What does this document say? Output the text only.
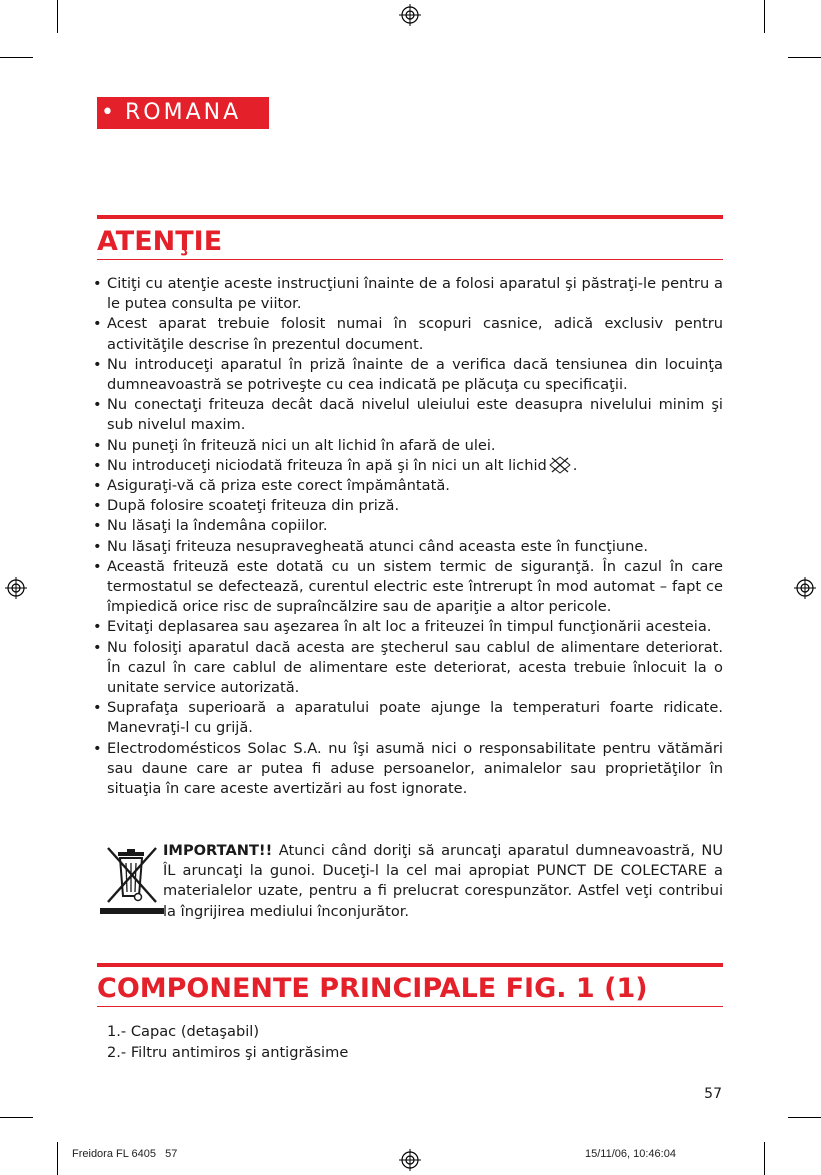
• ROMANA
ATENŢIE
• Citiţi cu atenţie aceste instrucţiuni înainte de a folosi aparatul şi păstraţi-le pentru a le putea consulta pe viitor.
• Acest aparat trebuie folosit numai în scopuri casnice, adică exclusiv pentru activităţile descrise în prezentul document.
• Nu introduceţi aparatul în priză înainte de a verifica dacă tensiunea din locuinţa dumneavoastră se potriveşte cu cea indicată pe plăcuţa cu specificaţii.
• Nu conectaţi friteuza decât dacă nivelul uleiului este deasupra nivelului minim şi sub nivelul maxim.
• Nu puneţi în friteuză nici un alt lichid în afară de ulei.
• Nu introduceţi niciodată friteuza în apă şi în nici un alt lichid .
• Asiguraţi-vă că priza este corect împământată.
• După folosire scoateţi friteuza din priză.
• Nu lăsaţi la îndemâna copiilor.
• Nu lăsaţi friteuza nesupravegheată atunci când aceasta este în funcţiune.
• Această friteuză este dotată cu un sistem termic de siguranţă. În cazul în care termostatul se defectează, curentul electric este întrerupt în mod automat – fapt ce împiedică orice risc de supraîncălzire sau de apariţie a altor pericole.
• Evitaţi deplasarea sau aşezarea în alt loc a friteuzei în timpul funcţionării acesteia.
• Nu folosiţi aparatul dacă acesta are ştecherul sau cablul de alimentare deteriorat. În cazul în care cablul de alimentare este deteriorat, acesta trebuie înlocuit la o unitate service autorizată.
• Suprafaţa superioară a aparatului poate ajunge la temperaturi foarte ridicate. Manevraţi-l cu grijă.
• Electrodomésticos Solac S.A. nu îşi asumă nici o responsabilitate pentru vătămări sau daune care ar putea fi aduse persoanelor, animalelor sau proprietăţilor în situaţia în care aceste avertizări au fost ignorate.
IMPORTANT!! Atunci când doriţi să aruncaţi aparatul dumneavoastră, NU ÎL aruncaţi la gunoi. Duceţi-l la cel mai apropiat PUNCT DE COLECTARE a materialelor uzate, pentru a fi prelucrat corespunzător. Astfel veţi contribui la îngrijirea mediului înconjurător.
COMPONENTE PRINCIPALE FIG. 1 (1)
1.- Capac (detaşabil)
2.- Filtru antimiros şi antigrăsime
57
Freidora FL 6405   57	15/11/06, 10:46:04
